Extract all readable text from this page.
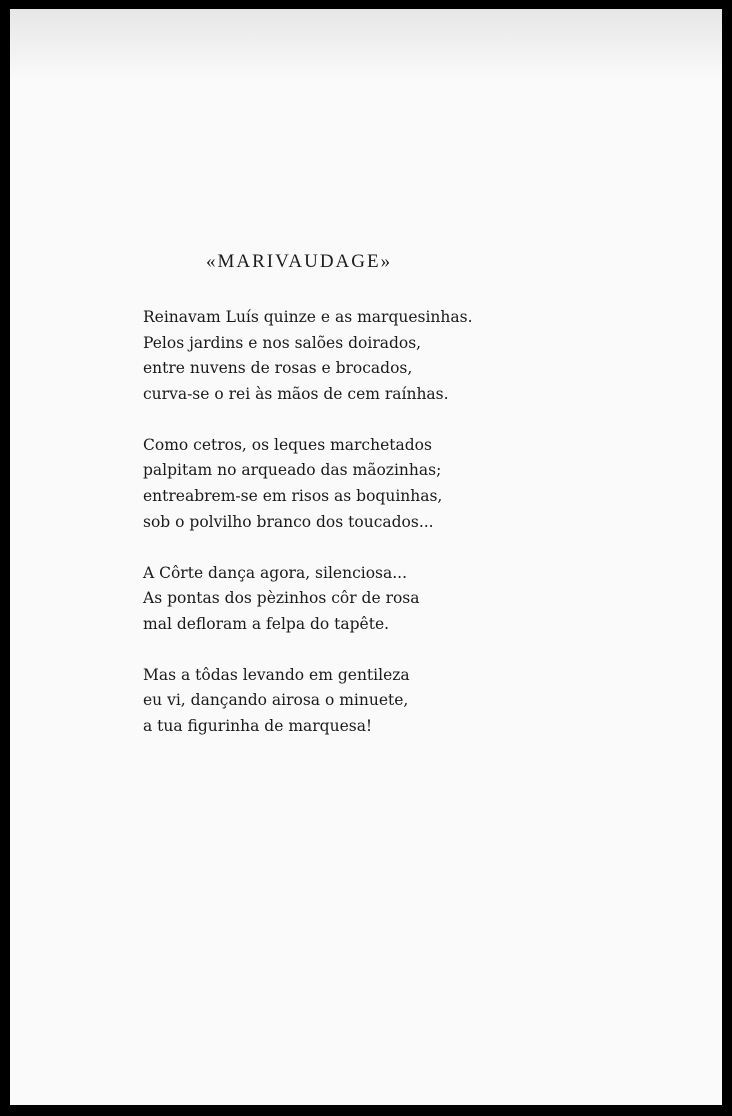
«MARIVAUDAGE»
Reinavam Luís quinze e as marquesinhas.
Pelos jardins e nos salões doirados,
entre nuvens de rosas e brocados,
curva-se o rei às mãos de cem raínhas.
Como cetros, os leques marchetados
palpitam no arqueado das mãozinhas;
entreabrem-se em risos as boquinhas,
sob o polvilho branco dos toucados...
A Côrte dança agora, silenciosa...
As pontas dos pèzinhos côr de rosa
mal defloram a felpa do tapête.
Mas a tôdas levando em gentileza
eu vi, dançando airosa o minuete,
a tua figurinha de marquesa!
